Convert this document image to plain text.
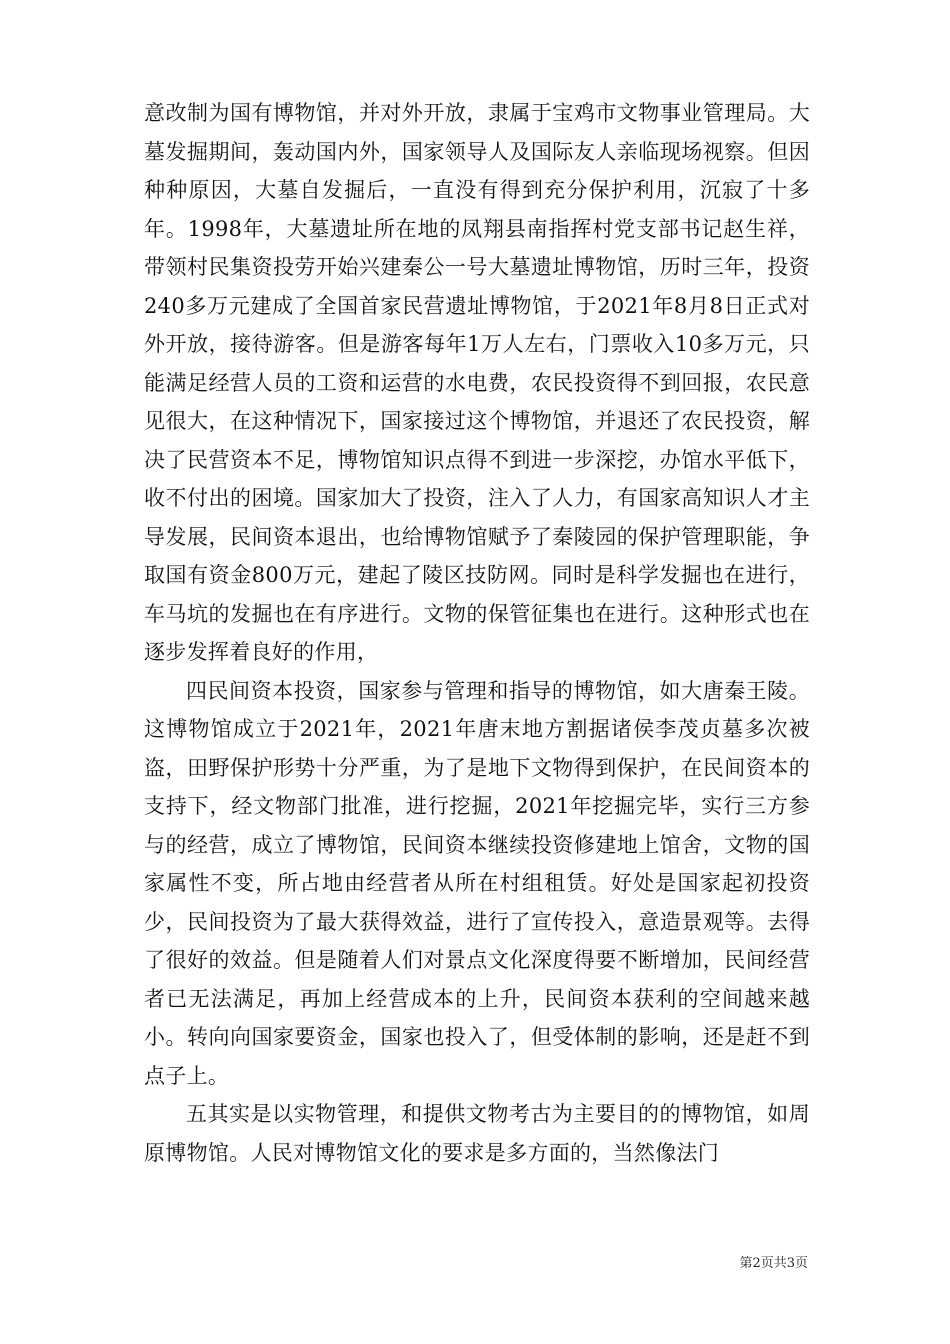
意改制为国有博物馆，并对外开放，隶属于宝鸡市文物事业管理局。大墓发掘期间，轰动国内外，国家领导人及国际友人亲临现场视察。但因种种原因，大墓自发掘后，一直没有得到充分保护利用，沉寂了十多年。1998年，大墓遗址所在地的凤翔县南指挥村党支部书记赵生祥，带领村民集资投劳开始兴建秦公一号大墓遗址博物馆，历时三年，投资240多万元建成了全国首家民营遗址博物馆，于2021年8月8日正式对外开放，接待游客。但是游客每年1万人左右，门票收入10多万元，只能满足经营人员的工资和运营的水电费，农民投资得不到回报，农民意见很大，在这种情况下，国家接过这个博物馆，并退还了农民投资，解决了民营资本不足，博物馆知识点得不到进一步深挖，办馆水平低下，收不付出的困境。国家加大了投资，注入了人力，有国家高知识人才主导发展，民间资本退出，也给博物馆赋予了秦陵园的保护管理职能，争取国有资金800万元，建起了陵区技防网。同时是科学发掘也在进行，车马坑的发掘也在有序进行。文物的保管征集也在进行。这种形式也在逐步发挥着良好的作用，

四民间资本投资，国家参与管理和指导的博物馆，如大唐秦王陵。这博物馆成立于2021年，2021年唐末地方割据诸侯李茂贞墓多次被盗，田野保护形势十分严重，为了是地下文物得到保护，在民间资本的支持下，经文物部门批准，进行挖掘，2021年挖掘完毕，实行三方参与的经营，成立了博物馆，民间资本继续投资修建地上馆舍，文物的国家属性不变，所占地由经营者从所在村组租赁。好处是国家起初投资少，民间投资为了最大获得效益，进行了宣传投入，意造景观等。去得了很好的效益。但是随着人们对景点文化深度得要不断增加，民间经营者已无法满足，再加上经营成本的上升，民间资本获利的空间越来越小。转向向国家要资金，国家也投入了，但受体制的影响，还是赶不到点子上。

五其实是以实物管理，和提供文物考古为主要目的的博物馆，如周原博物馆。人民对博物馆文化的要求是多方面的，当然像法门

第2页共3页
